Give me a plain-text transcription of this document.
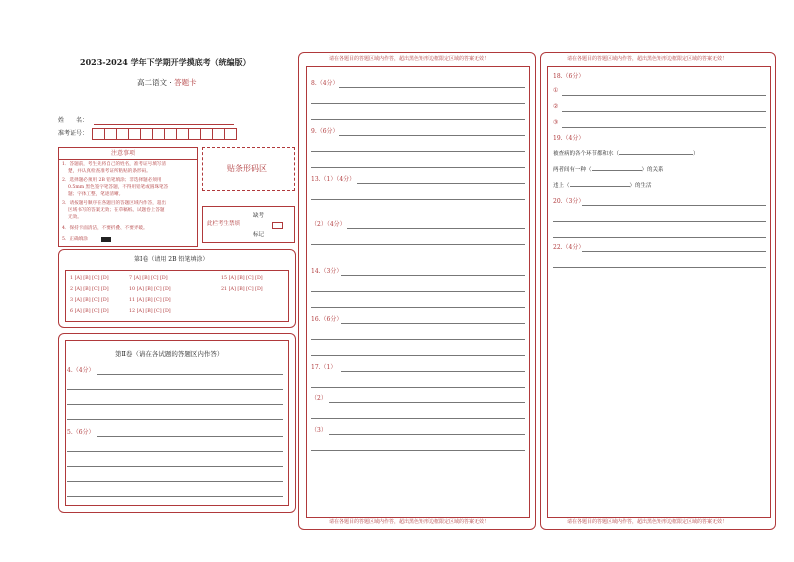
2023-2024 学年下学期开学摸底考（统编版）
高二语文 · 答题卡
姓　　名：
准考证号：
注意事项
1．答题前，考生先将自己的姓名，准考证号填写清
　 楚，并认真检查准考证所粘贴的条形码。
2．选择题必须用 2B 铅笔填涂；非选择题必须用
　 0.5mm 黑色签字笔答题，不得用铅笔或圆珠笔答
　 题；字体工整，笔迹清晰。
3．请按题号顺序在各题目的答题区域内作答，超出
　 区域书写的答案无效；在草稿纸、试题卷上答题
　 无效。
4．保持卡面清洁，不要折叠、不要弄破。
5．正确填涂
贴条形码区
此栏考生禁填
缺考
标记
第Ⅰ卷（请用 2B 铅笔填涂）
1 [A] [B] [C] [D]	7 [A] [B] [C] [D]	15 [A] [B] [C] [D]
2 [A] [B] [C] [D]	10 [A] [B] [C] [D]	21 [A] [B] [C] [D]
3 [A] [B] [C] [D]	11 [A] [B] [C] [D]
6 [A] [B] [C] [D]	12 [A] [B] [C] [D]
第Ⅱ卷（请在各试题的答题区内作答）
4.（4分）
5.（6分）
请在各题目的答题区域内作答，超出黑色矩形边框限定区域的答案无效！
请在各题目的答题区域内作答，超出黑色矩形边框限定区域的答案无效！
8.（4分）
9.（6分）
13.（1）（4分）
（2）（4分）
14.（3分）
16.（6分）
17.（1）
（2）
（3）
请在各题目的答题区域内作答，超出黑色矩形边框限定区域的答案无效！
请在各题目的答题区域内作答，超出黑色矩形边框限定区域的答案无效！
18.（6分）
①
②
③
19.（4分）
被查病的各个环节都和水（	）
两者间有一种（	）的关系
违上（	）的生活
20.（3分）
22.（4分）
